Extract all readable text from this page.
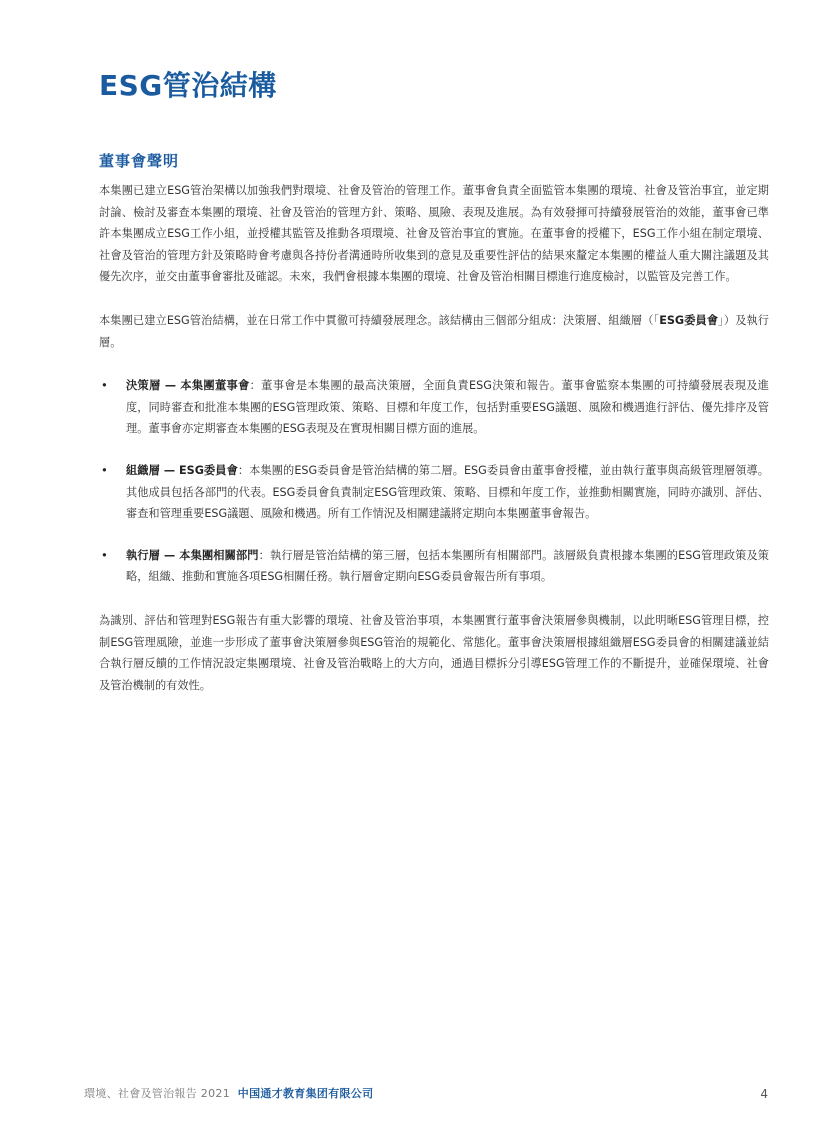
ESG管治結構
董事會聲明

本集團已建立ESG管治架構以加強我們對環境、社會及管治的管理工作。董事會負責全面監管本集團的環境、社會及管治事宜，並定期討論、檢討及審查本集團的環境、社會及管治的管理方針、策略、風險、表現及進展。為有效發揮可持續發展管治的效能，董事會已準許本集團成立ESG工作小組，並授權其監管及推動各項環境、社會及管治事宜的實施。在董事會的授權下，ESG工作小組在制定環境、社會及管治的管理方針及策略時會考慮與各持份者溝通時所收集到的意見及重要性評估的結果來釐定本集團的權益人重大關注議題及其優先次序，並交由董事會審批及確認。未來，我們會根據本集團的環境、社會及管治相關目標進行進度檢討，以監管及完善工作。

本集團已建立ESG管治結構，並在日常工作中貫徹可持續發展理念。該結構由三個部分組成：決策層、組織層（「ESG委員會」）及執行層。

• 決策層 — 本集團董事會：董事會是本集團的最高決策層，全面負責ESG決策和報告。董事會監察本集團的可持續發展表現及進度，同時審查和批准本集團的ESG管理政策、策略、目標和年度工作，包括對重要ESG議題、風險和機遇進行評估、優先排序及管理。董事會亦定期審查本集團的ESG表現及在實現相關目標方面的進展。

• 組織層 — ESG委員會：本集團的ESG委員會是管治結構的第二層。ESG委員會由董事會授權，並由執行董事與高級管理層領導。其他成員包括各部門的代表。ESG委員會負責制定ESG管理政策、策略、目標和年度工作，並推動相關實施，同時亦識別、評估、審查和管理重要ESG議題、風險和機遇。所有工作情況及相關建議將定期向本集團董事會報告。

• 執行層 — 本集團相關部門：執行層是管治結構的第三層，包括本集團所有相關部門。該層級負責根據本集團的ESG管理政策及策略，組織、推動和實施各項ESG相關任務。執行層會定期向ESG委員會報告所有事項。

為識別、評估和管理對ESG報告有重大影響的環境、社會及管治事項，本集團實行董事會決策層參與機制，以此明晰ESG管理目標，控制ESG管理風險，並進一步形成了董事會決策層參與ESG管治的規範化、常態化。董事會決策層根據組織層ESG委員會的相關建議並結合執行層反饋的工作情況設定集團環境、社會及管治戰略上的大方向，通過目標拆分引導ESG管理工作的不斷提升，並確保環境、社會及管治機制的有效性。

環境、社會及管治報告 2021 中国通才教育集团有限公司	4
